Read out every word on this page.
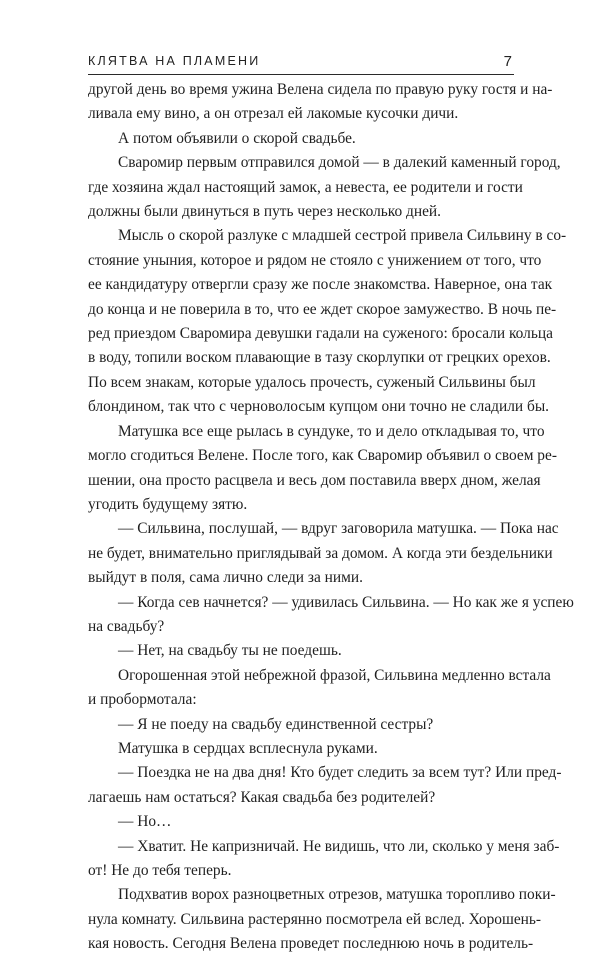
КЛЯТВА НА ПЛАМЕНИ	7

другой день во время ужина Велена сидела по правую руку гостя и на-

ливала ему вино, а он отрезал ей лакомые кусочки дичи.

А потом объявили о скорой свадьбе.

Сваромир первым отправился домой — в далекий каменный город,

где хозяина ждал настоящий замок, а невеста, ее родители и гости

должны были двинуться в путь через несколько дней.

Мысль о скорой разлуке с младшей сестрой привела Сильвину в со-

стояние уныния, которое и рядом не стояло с унижением от того, что

ее кандидатуру отвергли сразу же после знакомства. Наверное, она так

до конца и не поверила в то, что ее ждет скорое замужество. В ночь пе-

ред приездом Сваромира девушки гадали на суженого: бросали кольца

в воду, топили воском плавающие в тазу скорлупки от грецких орехов.

По всем знакам, которые удалось прочесть, суженый Сильвины был

блондином, так что с черноволосым купцом они точно не сладили бы.

Матушка все еще рылась в сундуке, то и дело откладывая то, что

могло сгодиться Велене. После того, как Сваромир объявил о своем ре-

шении, она просто расцвела и весь дом поставила вверх дном, желая

угодить будущему зятю.

— Сильвина, послушай, — вдруг заговорила матушка. — Пока нас

не будет, внимательно приглядывай за домом. А когда эти бездельники

выйдут в поля, сама лично следи за ними.

— Когда сев начнется? — удивилась Сильвина. — Но как же я успею

на свадьбу?

— Нет, на свадьбу ты не поедешь.

Огорошенная этой небрежной фразой, Сильвина медленно встала

и пробормотала:

— Я не поеду на свадьбу единственной сестры?

Матушка в сердцах всплеснула руками.

— Поездка не на два дня! Кто будет следить за всем тут? Или пред-

лагаешь нам остаться? Какая свадьба без родителей?

— Но…

— Хватит. Не капризничай. Не видишь, что ли, сколько у меня заб-

от! Не до тебя теперь.

Подхватив ворох разноцветных отрезов, матушка торопливо поки-

нула комнату. Сильвина растерянно посмотрела ей вслед. Хорошень-

кая новость. Сегодня Велена проведет последнюю ночь в родитель-
